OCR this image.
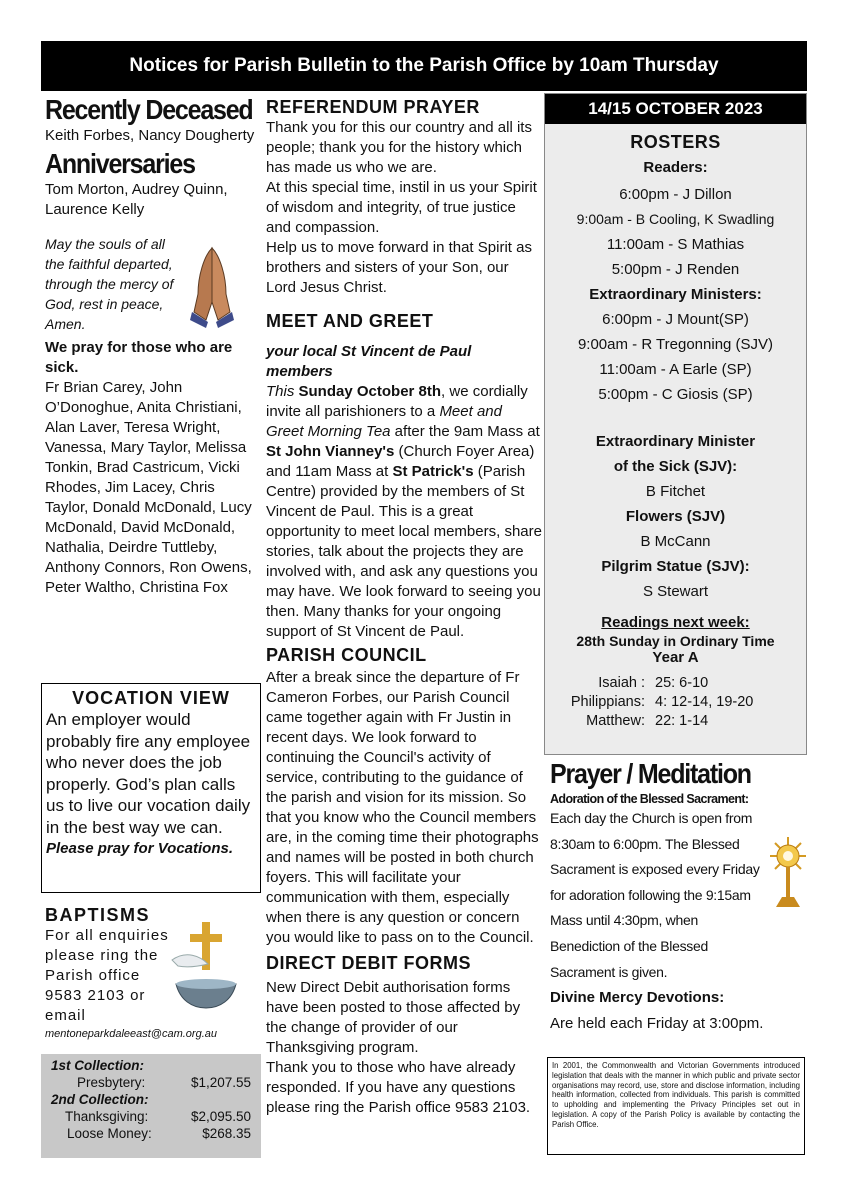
Notices for Parish Bulletin to the Parish Office by 10am Thursday
Recently Deceased
Keith Forbes, Nancy Dougherty
Anniversaries
Tom Morton, Audrey Quinn, Laurence Kelly
May the souls of all the faithful departed, through the mercy of God, rest in peace, Amen.
We pray for those who are sick.
Fr Brian Carey, John O’Donoghue, Anita Christiani, Alan Laver, Teresa Wright, Vanessa, Mary Taylor, Melissa Tonkin, Brad Castricum, Vicki Rhodes, Jim Lacey, Chris Taylor, Donald McDonald, Lucy McDonald, David McDonald, Nathalia, Deirdre Tuttleby, Anthony Connors, Ron Owens, Peter Waltho, Christina Fox
VOCATION VIEW
An employer would probably fire any employee who never does the job properly. God’s plan calls us to live our vocation daily in the best way we can.
Please pray for Vocations.
BAPTISMS
For all enquiries please ring the Parish office 9583 2103 or email
mentoneparkdaleeast@cam.org.au
1st Collection:
Presbytery:	$1,207.55
2nd Collection:
Thanksgiving:	$2,095.50
Loose Money:	$268.35
REFERENDUM PRAYER
Thank you for this our country and all its people; thank you for the history which has made us who we are.
At this special time, instil in us your Spirit of wisdom and integrity, of true justice and compassion.
Help us to move forward in that Spirit as brothers and sisters of your Son, our Lord Jesus Christ.
MEET AND GREET
your local St Vincent de Paul members
This Sunday October 8th, we cordially invite all parishioners to a Meet and Greet Morning Tea after the 9am Mass at St John Vianney's (Church Foyer Area) and 11am Mass at St Patrick's (Parish Centre) provided by the members of St Vincent de Paul. This is a great opportunity to meet local members, share stories, talk about the projects they are involved with, and ask any questions you may have. We look forward to seeing you then. Many thanks for your ongoing support of St Vincent de Paul.
PARISH COUNCIL
After a break since the departure of Fr Cameron Forbes, our Parish Council came together again with Fr Justin in recent days. We look forward to continuing the Council's activity of service, contributing to the guidance of the parish and vision for its mission. So that you know who the Council members are, in the coming time their photographs and names will be posted in both church foyers. This will facilitate your communication with them, especially when there is any question or concern you would like to pass on to the Council.
DIRECT DEBIT FORMS
New Direct Debit authorisation forms have been posted to those affected by the change of provider of our Thanksgiving program.
Thank you to those who have already responded. If you have any questions please ring the Parish office 9583 2103.
14/15 OCTOBER 2023
ROSTERS
Readers:
6:00pm - J Dillon
9:00am - B Cooling, K Swadling
11:00am - S Mathias
5:00pm - J Renden
Extraordinary Ministers:
6:00pm - J Mount(SP)
9:00am - R Tregonning (SJV)
11:00am - A Earle (SP)
5:00pm - C Giosis (SP)
Extraordinary Minister of the Sick (SJV):
B Fitchet
Flowers (SJV)
B McCann
Pilgrim Statue (SJV):
S Stewart
Readings next week:
28th Sunday in Ordinary Time
Year A
Isaiah : 25: 6-10
Philippians: 4: 12-14, 19-20
Matthew: 22: 1-14
Prayer / Meditation
Adoration of the Blessed Sacrament:
Each day the Church is open from 8:30am to 6:00pm. The Blessed Sacrament is exposed every Friday for adoration following the 9:15am Mass until 4:30pm, when Benediction of the Blessed Sacrament is given.
Divine Mercy Devotions:
Are held each Friday at 3:00pm.
In 2001, the Commonwealth and Victorian Governments introduced legislation that deals with the manner in which public and private sector organisations may record, use, store and disclose information, including health information, collected from individuals. This parish is committed to upholding and implementing the Privacy Principles set out in legislation. A copy of the Parish Policy is available by contacting the Parish Office.
